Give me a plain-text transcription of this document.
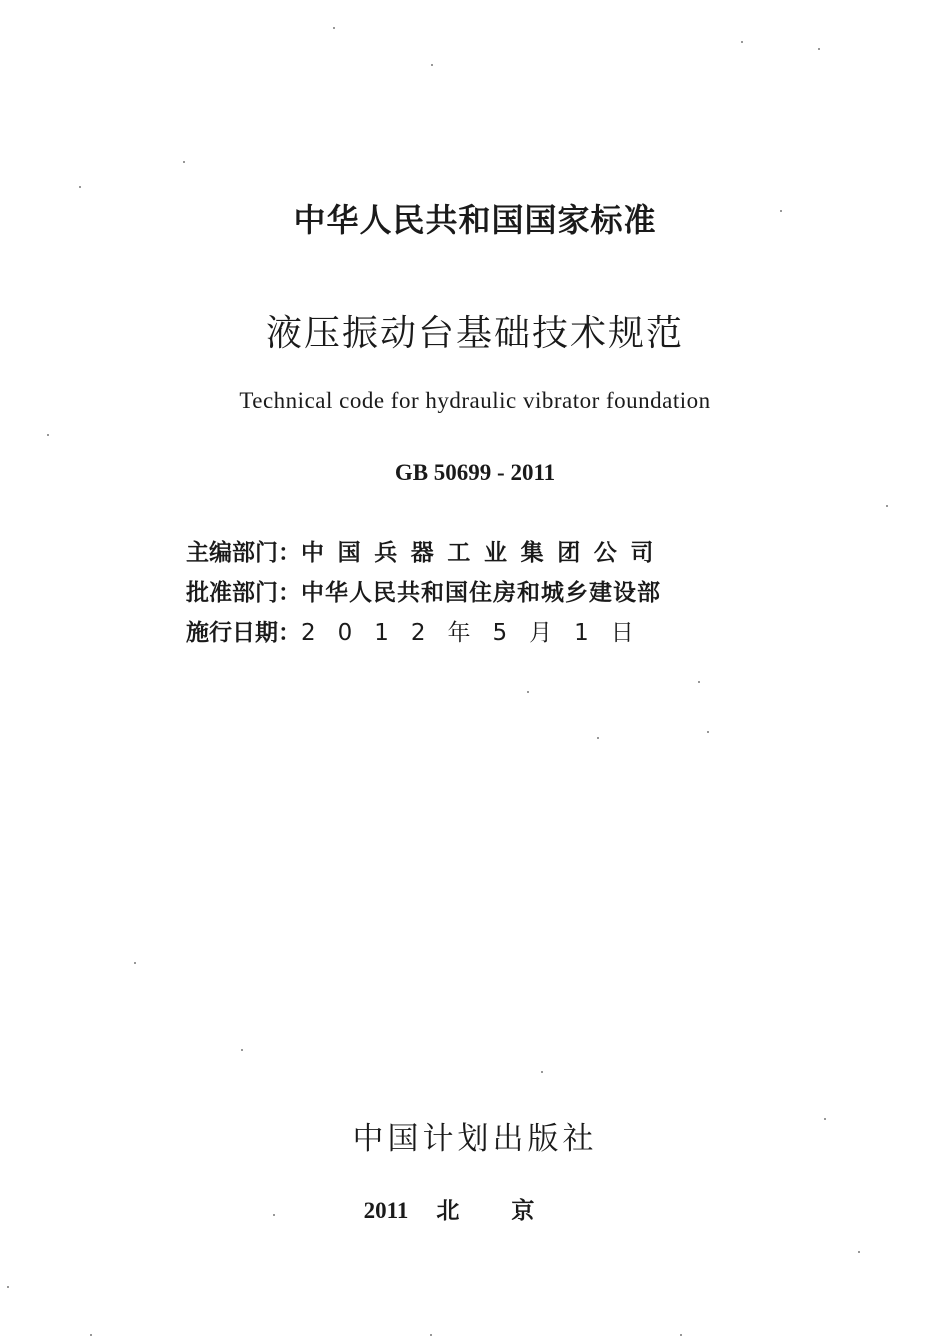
中华人民共和国国家标准
液压振动台基础技术规范
Technical code for hydraulic vibrator foundation
GB 50699 - 2011
主编部门： 中国兵器工业集团公司
批准部门： 中华人民共和国住房和城乡建设部
施行日期： 2012年5月1日
中国计划出版社
2011 北京
